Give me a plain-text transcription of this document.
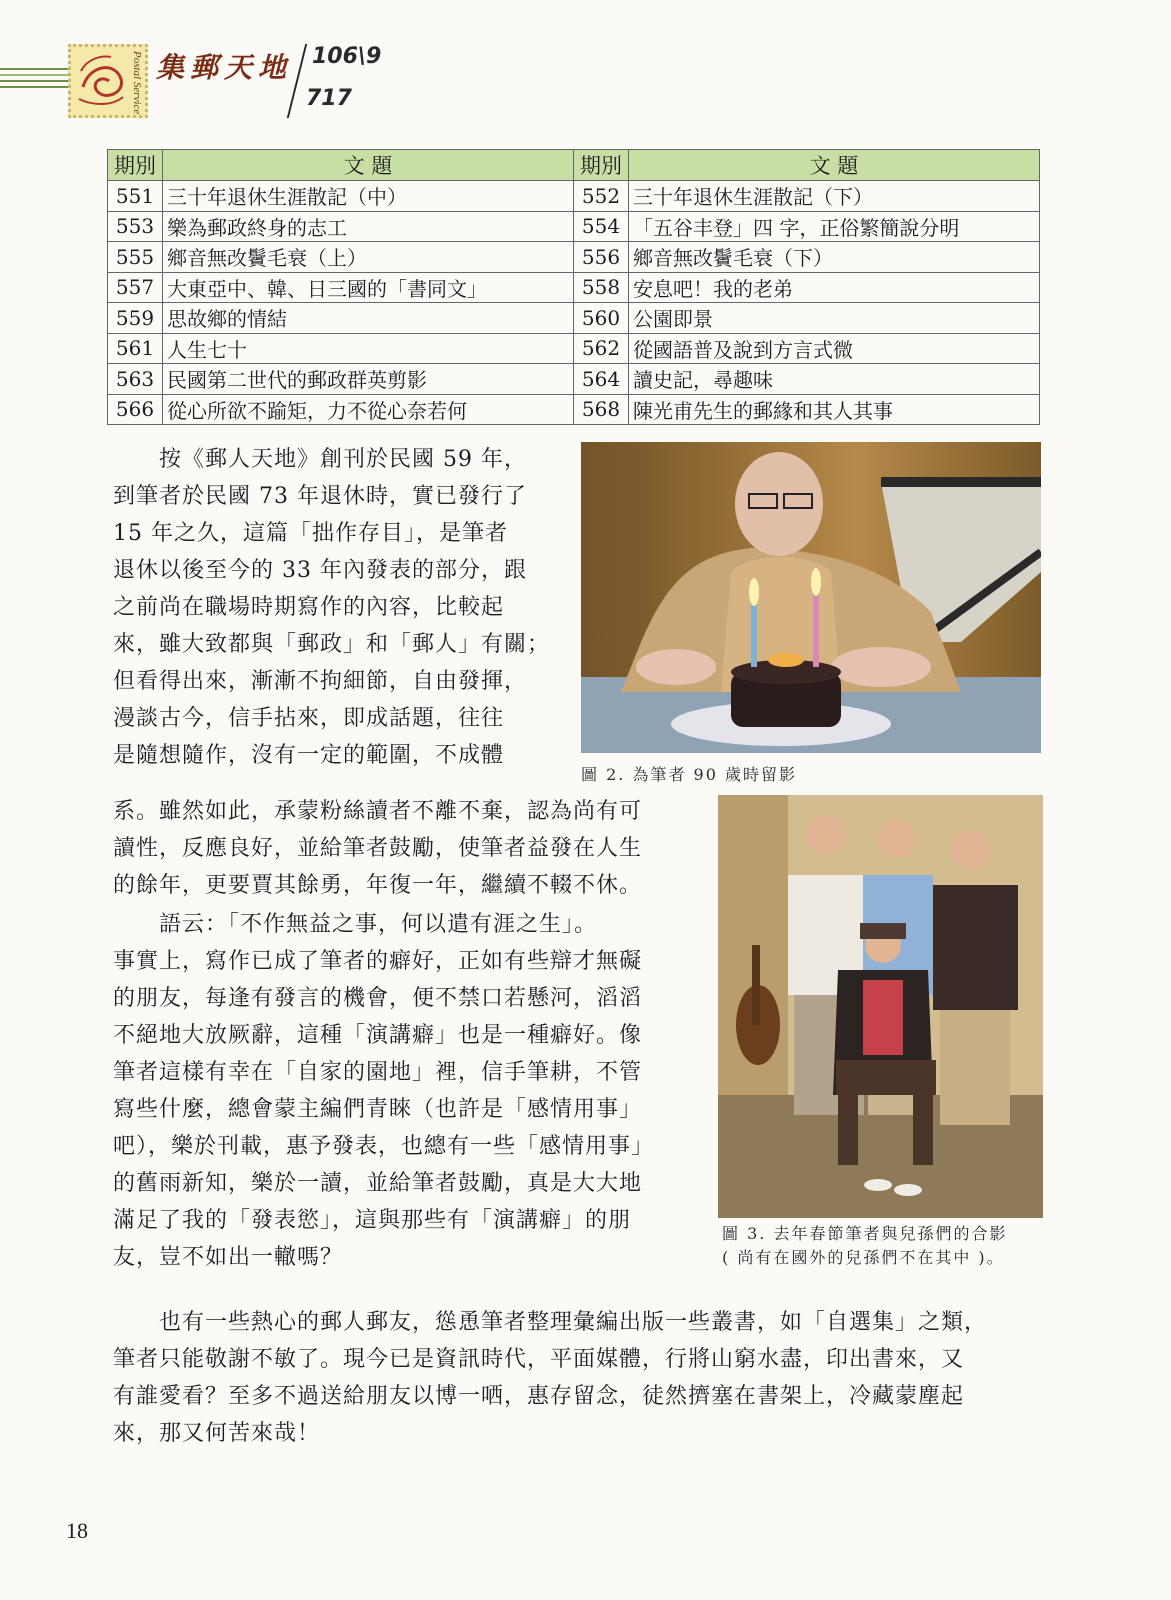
Postal Service 集郵天地 106\9
717
期別	文 題	期別	文 題
551	三十年退休生涯散記（中）	552	三十年退休生涯散記（下）
553	樂為郵政終身的志工	554	「五谷丰登」四 字，正俗繁簡說分明
555	鄉音無改鬢毛衰（上）	556	鄉音無改鬢毛衰（下）
557	大東亞中、韓、日三國的「書同文」	558	安息吧！我的老弟
559	思故鄉的情結	560	公園即景
561	人生七十	562	從國語普及說到方言式微
563	民國第二世代的郵政群英剪影	564	讀史記，尋趣味
566	從心所欲不踰矩，力不從心奈若何	568	陳光甫先生的郵緣和其人其事
　　按《郵人天地》創刊於民國 59 年，
到筆者於民國 73 年退休時，實已發行了
15 年之久，這篇「拙作存目」，是筆者
退休以後至今的 33 年內發表的部分，跟
之前尚在職場時期寫作的內容，比較起
來，雖大致都與「郵政」和「郵人」有關；
但看得出來，漸漸不拘細節，自由發揮，
漫談古今，信手拈來，即成話題，往往
是隨想隨作，沒有一定的範圍，不成體
系。雖然如此，承蒙粉絲讀者不離不棄，認為尚有可
讀性，反應良好，並給筆者鼓勵，使筆者益發在人生
的餘年，更要賈其餘勇，年復一年，繼續不輟不休。
　　語云：「不作無益之事，何以遣有涯之生」。
事實上，寫作已成了筆者的癖好，正如有些辯才無礙
的朋友，每逢有發言的機會，便不禁口若懸河，滔滔
不絕地大放厥辭，這種「演講癖」也是一種癖好。像
筆者這樣有幸在「自家的園地」裡，信手筆耕，不管
寫些什麼，總會蒙主編們青睞（也許是「感情用事」
吧），樂於刊載，惠予發表，也總有一些「感情用事」
的舊雨新知，樂於一讀，並給筆者鼓勵，真是大大地
滿足了我的「發表慾」，這與那些有「演講癖」的朋
友，豈不如出一轍嗎？
　　也有一些熱心的郵人郵友，慫恿筆者整理彙編出版一些叢書，如「自選集」之類，
筆者只能敬謝不敏了。現今已是資訊時代，平面媒體，行將山窮水盡，印出書來，又
有誰愛看？至多不過送給朋友以博一哂，惠存留念，徒然擠塞在書架上，冷藏蒙塵起
來，那又何苦來哉！
圖 2. 為筆者 90 歲時留影
圖 3. 去年春節筆者與兒孫們的合影
( 尚有在國外的兒孫們不在其中 )。
18
